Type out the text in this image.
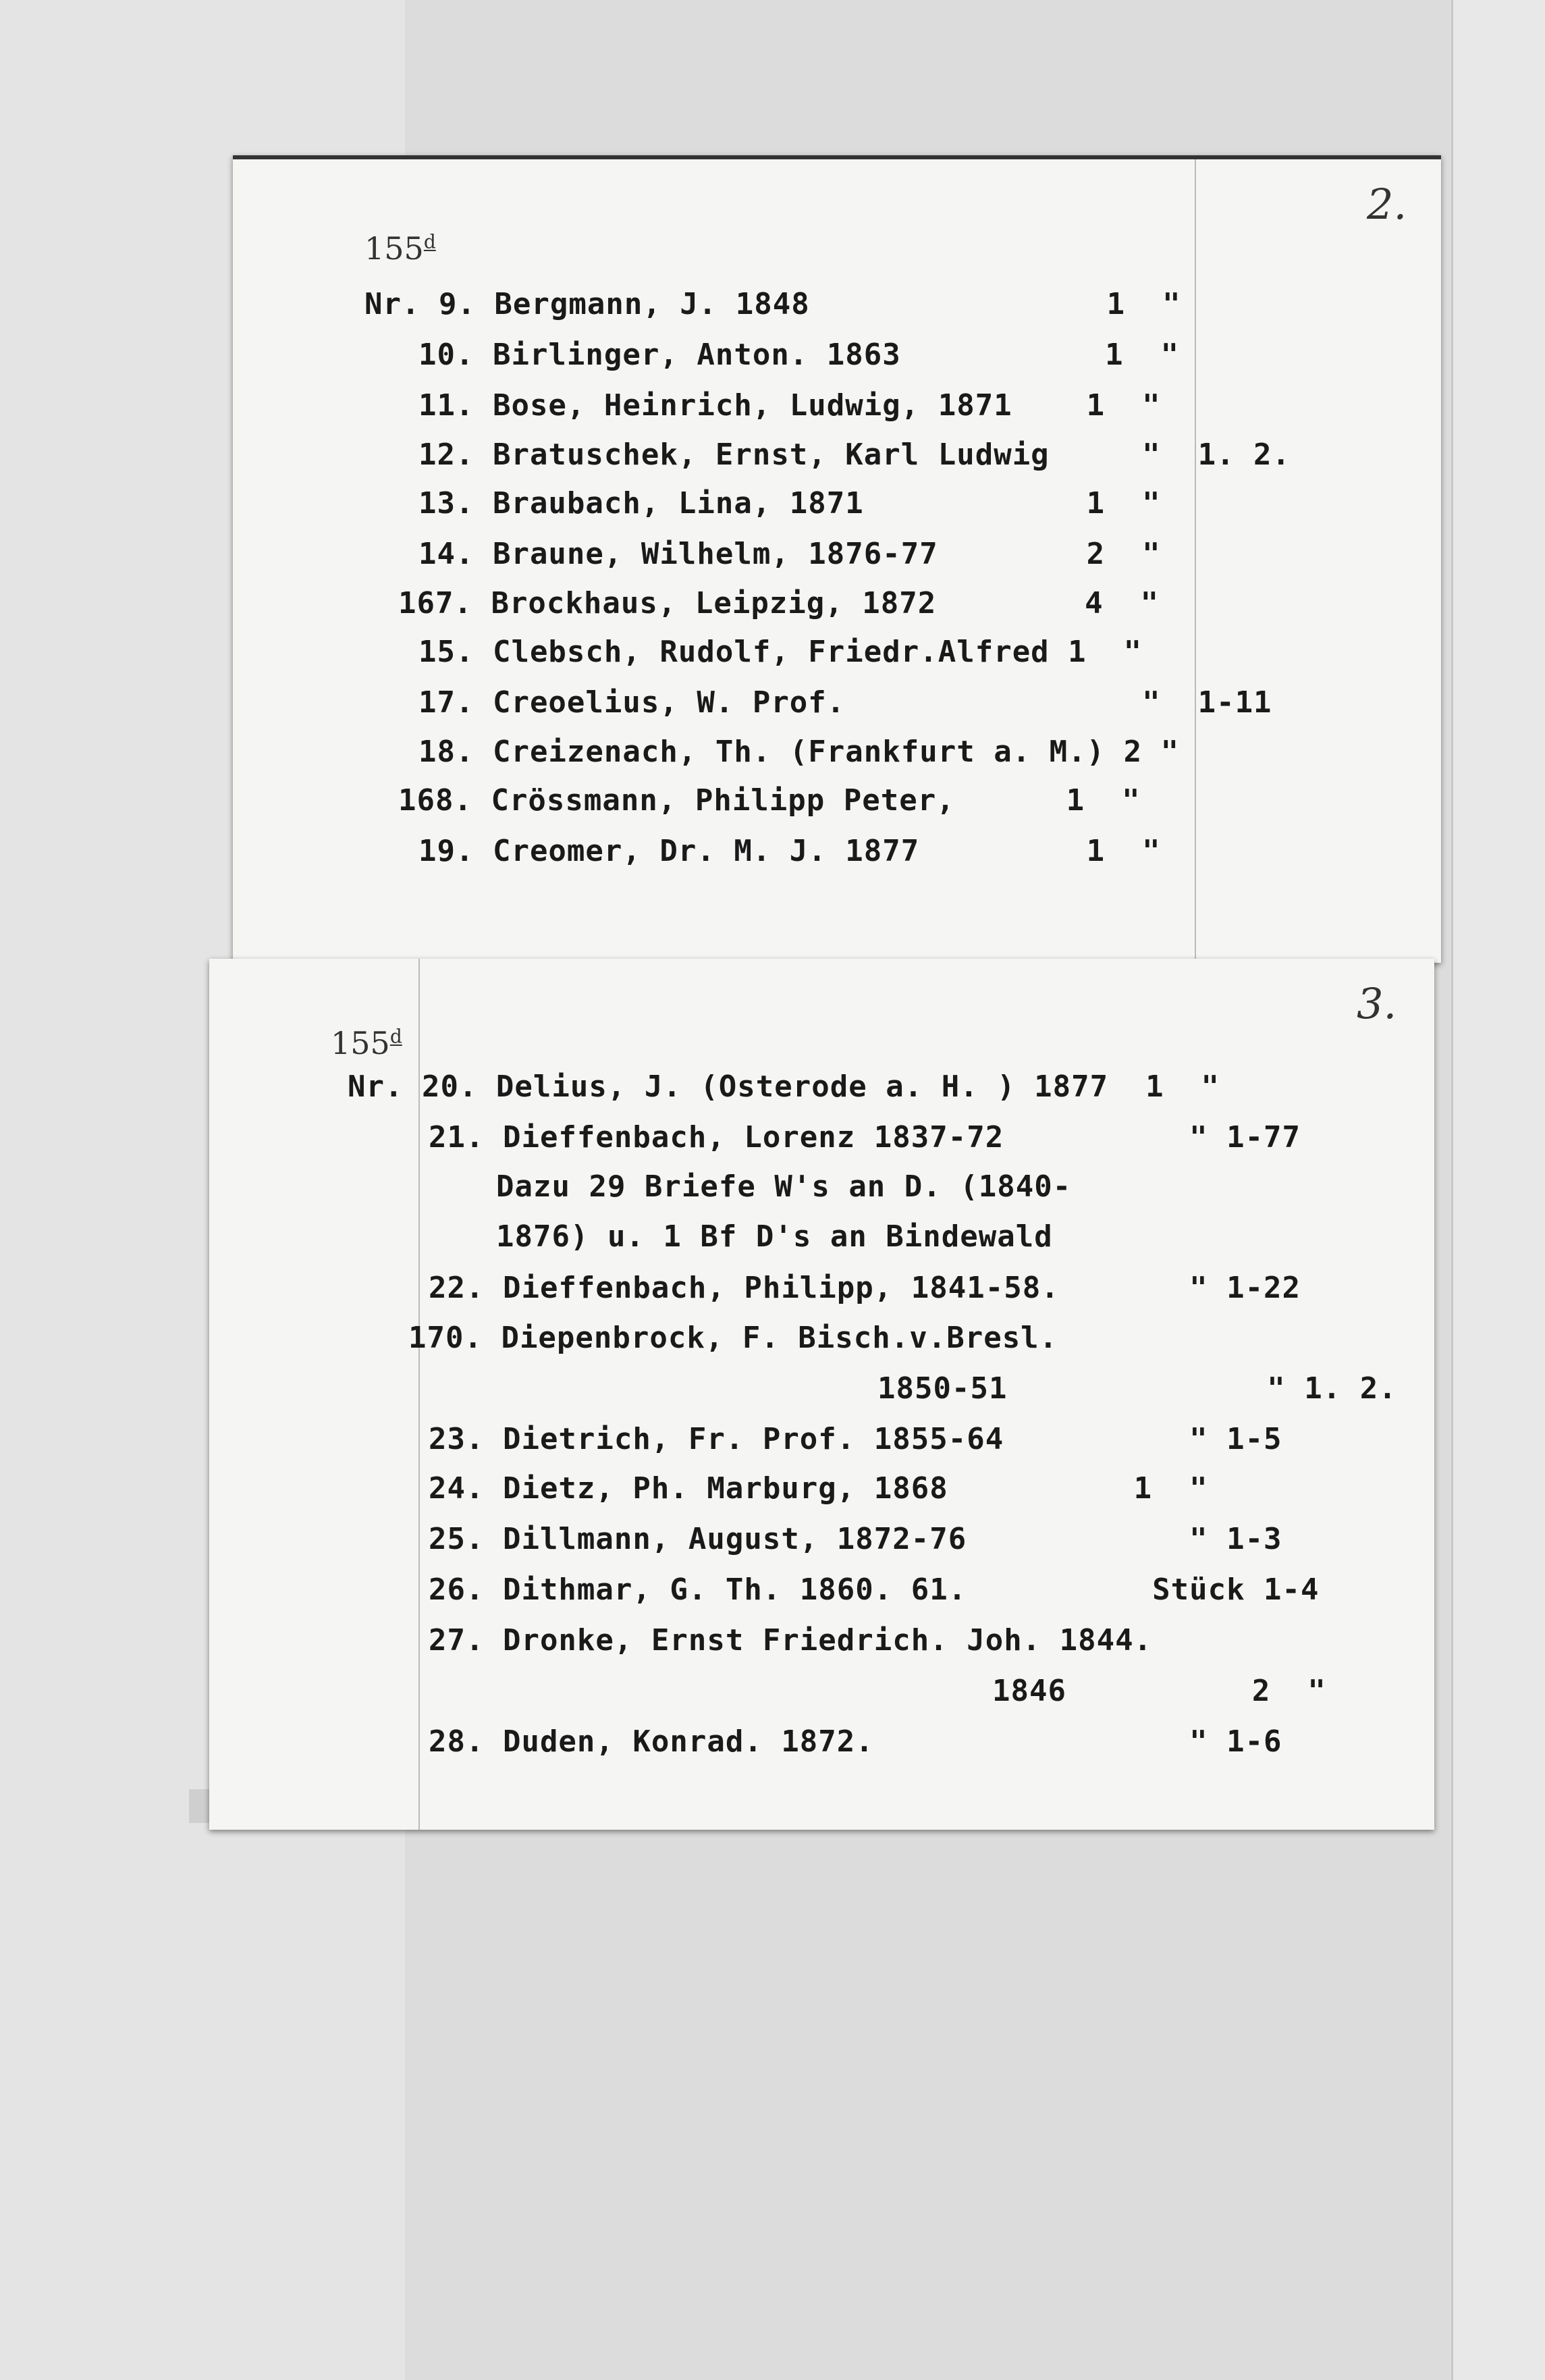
2.
155$^d$
Nr. 9. Bergmann, J. 1848                1  "
10. Birlinger, Anton. 1863           1  "
11. Bose, Heinrich, Ludwig, 1871    1  "
12. Bratuschek, Ernst, Karl Ludwig     "  1. 2.
13. Braubach, Lina, 1871            1  "
14. Braune, Wilhelm, 1876-77        2  "
167. Brockhaus, Leipzig, 1872        4  "
15. Clebsch, Rudolf, Friedr.Alfred 1  "
17. Creoelius, W. Prof.                "  1-11
18. Creizenach, Th. (Frankfurt a. M.) 2 "
168. Crössmann, Philipp Peter,      1  "
19. Creomer, Dr. M. J. 1877         1  "
3.
155$^d$
Nr. 20. Delius, J. (Osterode a. H. ) 1877  1  "
21. Dieffenbach, Lorenz 1837-72          " 1-77
Dazu 29 Briefe W's an D. (1840-
1876) u. 1 Bf D's an Bindewald
22. Dieffenbach, Philipp, 1841-58.       " 1-22
170. Diepenbrock, F. Bisch.v.Bresl.
1850-51              " 1. 2.
23. Dietrich, Fr. Prof. 1855-64          " 1-5
24. Dietz, Ph. Marburg, 1868          1  "
25. Dillmann, August, 1872-76            " 1-3
26. Dithmar, G. Th. 1860. 61.          Stück 1-4
27. Dronke, Ernst Friedrich. Joh. 1844.
1846          2  "
28. Duden, Konrad. 1872.                 " 1-6
